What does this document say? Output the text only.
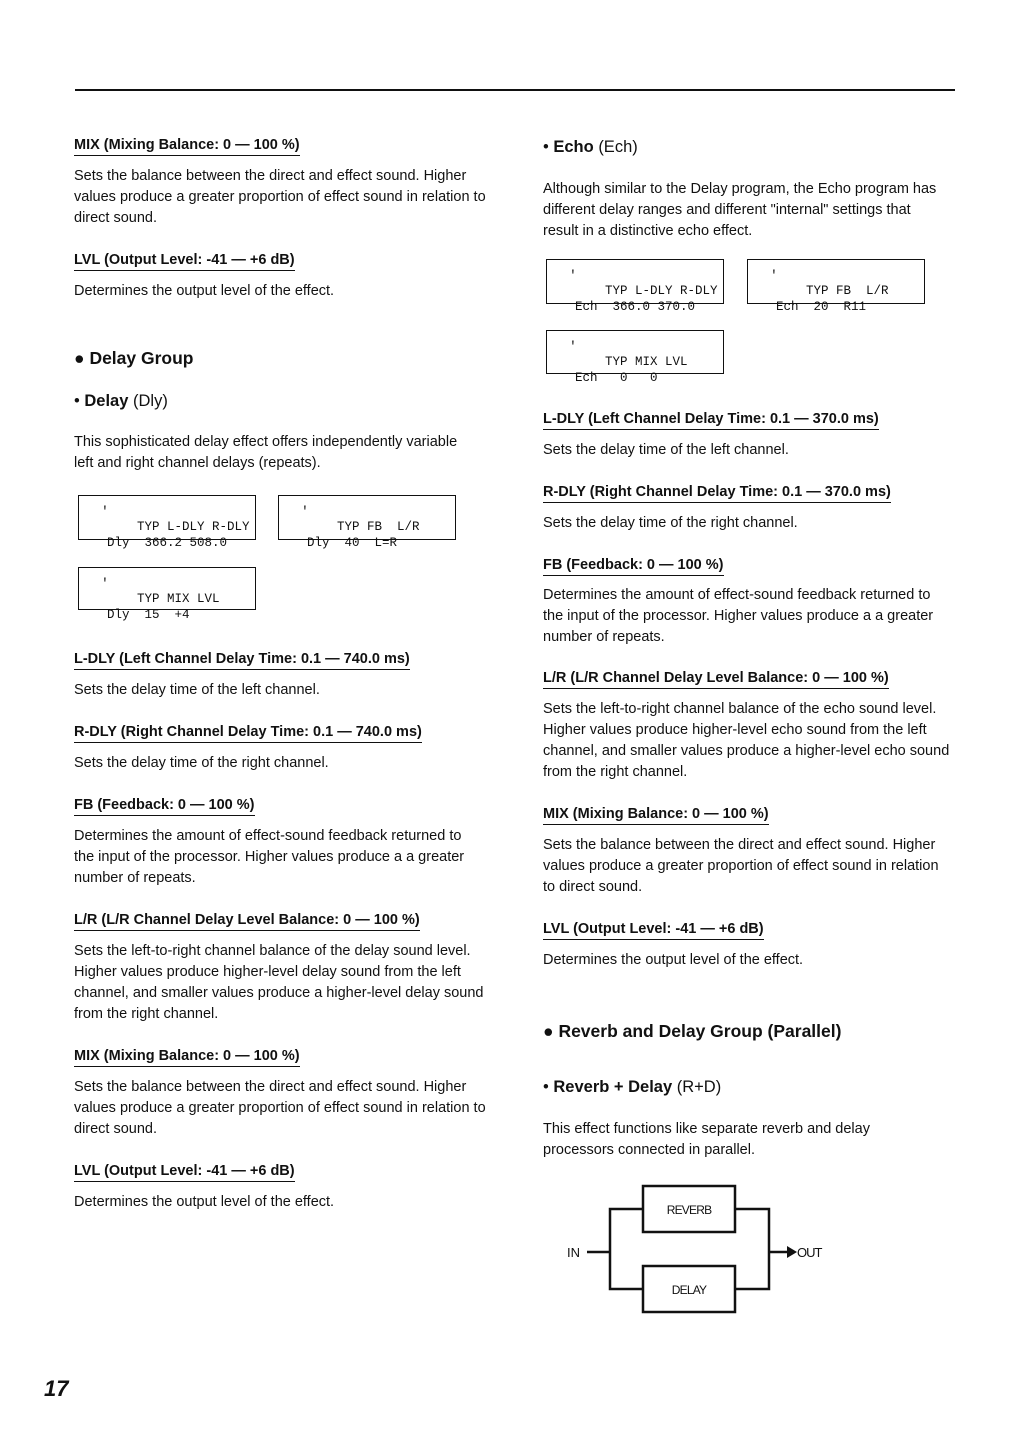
MIX (Mixing Balance: 0 — 100 %)

Sets the balance between the direct and effect sound. Higher values produce a greater proportion of effect sound in relation to direct sound.

LVL (Output Level: -41 — +6 dB)

Determines the output level of the effect.

● Delay Group
• Delay (Dly)

This sophisticated delay effect offers independently variable left and right channel delays (repeats).

'
TYP L-DLY R-DLY
Dly  366.2 508.0

'
TYP FB  L/R
Dly  40  L=R

'
TYP MIX LVL
Dly  15  +4
L-DLY (Left Channel Delay Time: 0.1 — 740.0 ms)

Sets the delay time of the left channel.

R-DLY (Right Channel Delay Time: 0.1 — 740.0 ms)

Sets the delay time of the right channel.

FB (Feedback: 0 — 100 %)

Determines the amount of effect-sound feedback returned to the input of the processor. Higher values produce a a greater number of repeats.

L/R (L/R Channel Delay Level Balance: 0 — 100 %)

Sets the left-to-right channel balance of the delay sound level. Higher values produce higher-level delay sound from the left channel, and smaller values produce a higher-level delay sound from the right channel.

MIX (Mixing Balance: 0 — 100 %)

Sets the balance between the direct and effect sound. Higher values produce a greater proportion of effect sound in relation to direct sound.

LVL (Output Level: -41 — +6 dB)

Determines the output level of the effect.

• Echo (Ech)

Although similar to the Delay program, the Echo program has different delay ranges and different "internal" settings that result in a distinctive echo effect.

'
TYP L-DLY R-DLY
Ech  366.0 370.0

'
TYP FB  L/R
Ech  20  R11

'
TYP MIX LVL
Ech   0   0
L-DLY (Left Channel Delay Time: 0.1 — 370.0 ms)

Sets the delay time of the left channel.

R-DLY (Right Channel Delay Time: 0.1 — 370.0 ms)

Sets the delay time of the right channel.

FB (Feedback: 0 — 100 %)

Determines the amount of effect-sound feedback returned to the input of the processor. Higher values produce a a greater number of repeats.

L/R (L/R Channel Delay Level Balance: 0 — 100 %)

Sets the left-to-right channel balance of the echo sound level. Higher values produce higher-level echo sound from the left channel, and smaller values produce a higher-level echo sound from the right channel.

MIX (Mixing Balance: 0 — 100 %)

Sets the balance between the direct and effect sound. Higher values produce a greater proportion of effect sound in relation to direct sound.

LVL (Output Level: -41 — +6 dB)

Determines the output level of the effect.

● Reverb and Delay Group (Parallel)
• Reverb + Delay (R+D)

This effect functions like separate reverb and delay processors connected in parallel.

IN	OUT
REVERB
DELAY
17
